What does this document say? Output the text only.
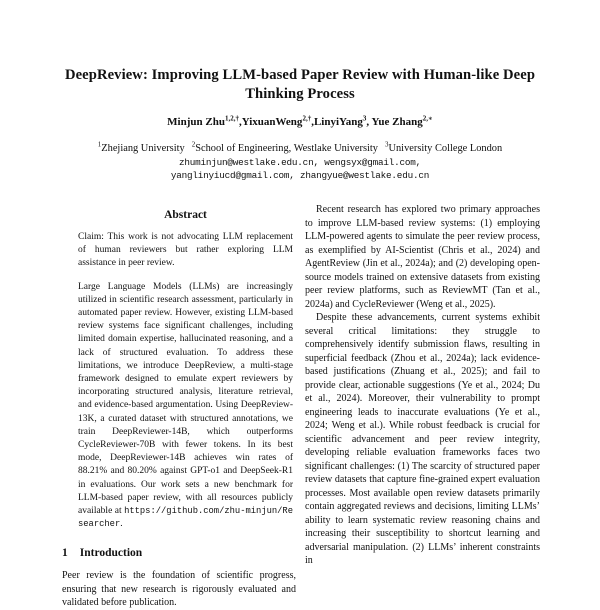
DeepReview: Improving LLM-based Paper Review with Human-like Deep Thinking Process
Minjun Zhu$^{1,2,\dagger}$,YixuanWeng$^{2,\dagger}$,LinyiYang$^3$, Yue Zhang$^{2,∗}$
$^1$Zhejiang University $^2$School of Engineering, Westlake University $^3$University College London
zhuminjun@westlake.edu.cn, wengsyx@gmail.com,
yanglinyiucd@gmail.com, zhangyue@westlake.edu.cn
Abstract

Claim: This work is not advocating LLM replacement of human reviewers but rather exploring LLM assistance in peer review.

Large Language Models (LLMs) are increasingly utilized in scientific research assessment, particularly in automated paper review. However, existing LLM-based review systems face significant challenges, including limited domain expertise, hallucinated reasoning, and a lack of structured evaluation. To address these limitations, we introduce DeepReview, a multi-stage framework designed to emulate expert reviewers by incorporating structured analysis, literature retrieval, and evidence-based argumentation. Using DeepReview-13K, a curated dataset with structured annotations, we train DeepReviewer-14B, which outperforms CycleReviewer-70B with fewer tokens. In its best mode, DeepReviewer-14B achieves win rates of 88.21% and 80.20% against GPT-o1 and DeepSeek-R1 in evaluations. Our work sets a new benchmark for LLM-based paper review, with all resources publicly available at https://github.com/zhu-minjun/Researcher.

1 Introduction

Peer review is the foundation of scientific progress, ensuring that new research is rigorously evaluated and validated before publication.

Recent research has explored two primary approaches to improve LLM-based review systems: (1) employing LLM-powered agents to simulate the peer review process, as exemplified by AI-Scientist (Chris et al., 2024) and AgentReview (Jin et al., 2024a); and (2) developing open-source models trained on extensive datasets from existing peer review platforms, such as ReviewMT (Tan et al., 2024a) and CycleReviewer (Weng et al., 2025).

Despite these advancements, current systems exhibit several critical limitations: they struggle to comprehensively identify submission flaws, resulting in superficial feedback (Zhou et al., 2024a); lack evidence-based justifications (Zhuang et al., 2025); and fail to provide clear, actionable suggestions (Ye et al., 2024; Du et al., 2024). Moreover, their vulnerability to prompt engineering leads to inaccurate evaluations (Ye et al., 2024; Weng et al.). While robust feedback is crucial for scientific advancement and peer review integrity, developing reliable evaluation frameworks faces two significant challenges: (1) The scarcity of structured paper review datasets that capture fine-grained expert evaluation processes. Most available open review datasets primarily contain aggregated reviews and decisions, limiting LLMs’ ability to learn systematic review reasoning chains and increasing their susceptibility to shortcut learning and adversarial manipulation. (2) LLMs’ inherent constraints in
